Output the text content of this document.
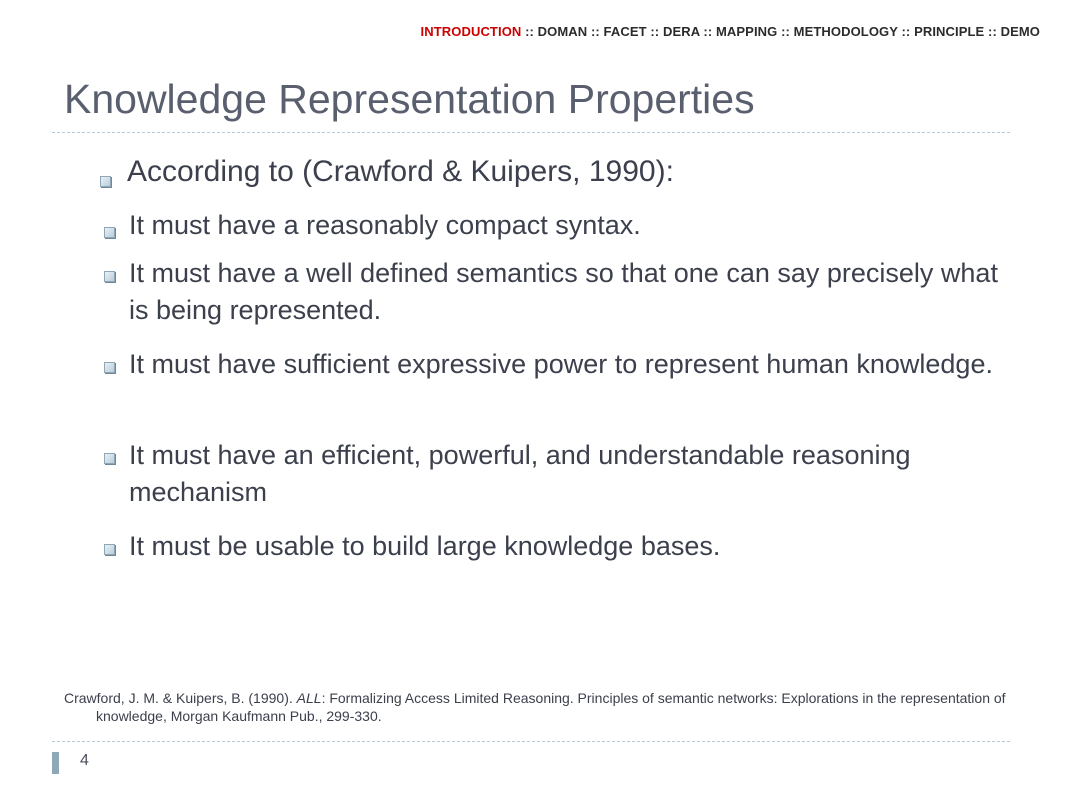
INTRODUCTION :: DOMAN :: FACET :: DERA :: MAPPING :: METHODOLOGY :: PRINCIPLE :: DEMO
Knowledge Representation Properties
According to (Crawford & Kuipers, 1990):
It must have a reasonably compact syntax.
It must have a well defined semantics so that one can say precisely what is being represented.
It must have sufficient expressive power to represent human knowledge.
It must have an efficient, powerful, and understandable reasoning mechanism
It must be usable to build large knowledge bases.
Crawford, J. M. & Kuipers, B. (1990). ALL: Formalizing Access Limited Reasoning. Principles of semantic networks: Explorations in the representation of knowledge, Morgan Kaufmann Pub., 299-330.
4
